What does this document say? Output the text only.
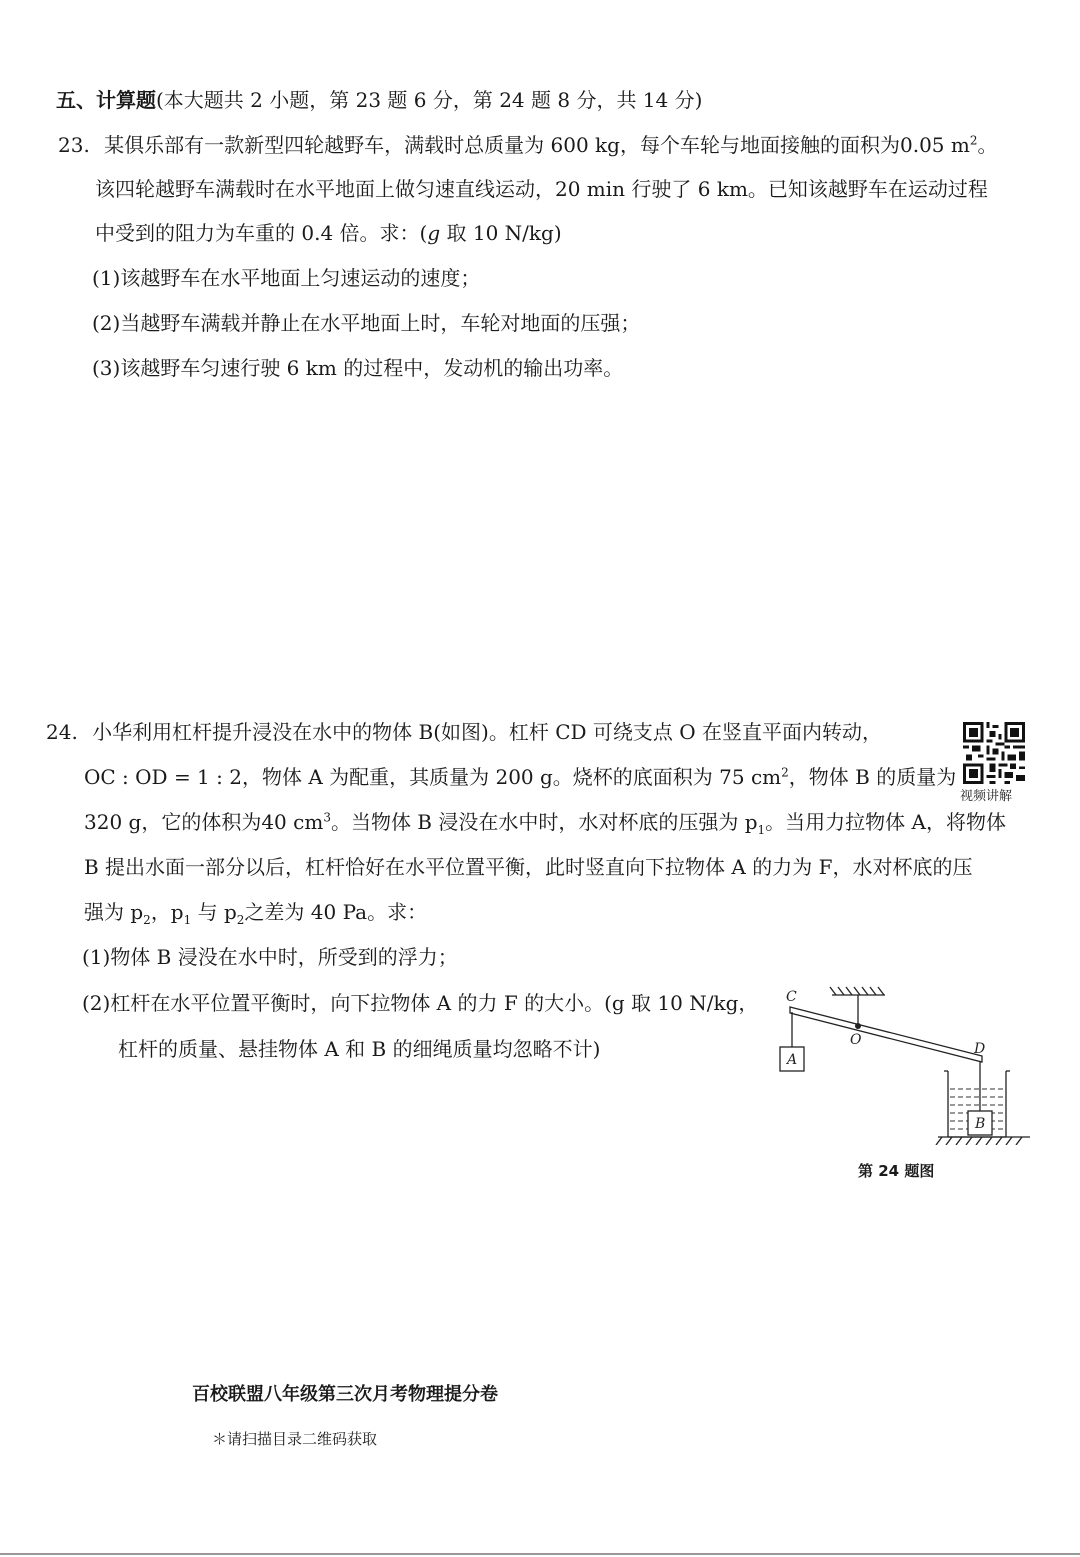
五、计算题(本大题共 2 小题，第 23 题 6 分，第 24 题 8 分，共 14 分)
23. 某俱乐部有一款新型四轮越野车，满载时总质量为 600 kg，每个车轮与地面接触的面积为0.05 $m^2$。
该四轮越野车满载时在水平地面上做匀速直线运动，20 min 行驶了 6 km。已知该越野车在运动过程
中受到的阻力为车重的 0.4 倍。求：(g 取 10 N/kg)
(1)该越野车在水平地面上匀速运动的速度；
(2)当越野车满载并静止在水平地面上时，车轮对地面的压强；
(3)该越野车匀速行驶 6 km 的过程中，发动机的输出功率。
24. 小华利用杠杆提升浸没在水中的物体 B(如图)。杠杆 CD 可绕支点 O 在竖直平面内转动，
OC : OD = 1 : 2，物体 A 为配重，其质量为 200 g。烧杯的底面积为 75 $cm^2$，物体 B 的质量为
320 g，它的体积为40 $cm^3$。当物体 B 浸没在水中时，水对杯底的压强为 $p_1$。当用力拉物体 A，将物体
B 提出水面一部分以后，杠杆恰好在水平位置平衡，此时竖直向下拉物体 A 的力为 F，水对杯底的压
强为 $p_2$，$p_1$ 与 $p_2$之差为 40 Pa。求：
(1)物体 B 浸没在水中时，所受到的浮力；
(2)杠杆在水平位置平衡时，向下拉物体 A 的力 F 的大小。(g 取 10 N/kg，
杠杆的质量、悬挂物体 A 和 B 的细绳质量均忽略不计)
视频讲解
C
O
D
A
B
第 24 题图
百校联盟八年级第三次月考物理提分卷
＊请扫描目录二维码获取
